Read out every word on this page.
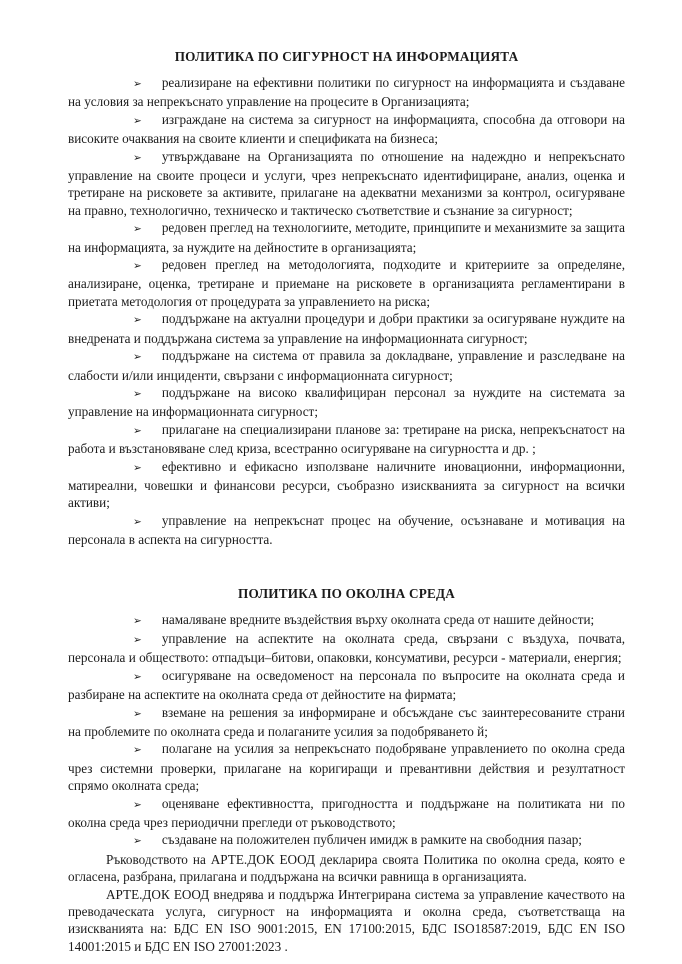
ПОЛИТИКА ПО СИГУРНОСТ НА ИНФОРМАЦИЯТА

➢ реализиране на ефективни политики по сигурност на информацията и създаване на условия за непрекъснато управление на процесите в Организацията;

➢ изграждане на система за сигурност на информацията, способна да отговори на високите очаквания на своите клиенти и спецификата на бизнеса;

➢ утвърждаване на Организацията по отношение на надеждно и непрекъснато управление на своите процеси и услуги, чрез непрекъснато идентифициране, анализ, оценка и третиране на рисковете за активите, прилагане на адекватни механизми за контрол, осигуряване на правно, технологично, техническо и тактическо съответствие и съзнание за сигурност;

➢ редовен преглед на технологиите, методите, принципите и механизмите за защита на информацията, за нуждите на дейностите в организацията;

➢ редовен преглед на методологията, подходите и критериите за определяне, анализиране, оценка, третиране и приемане на рисковете в организацията регламентирани в приетата методология от процедурата за управлението на риска;

➢ поддържане на актуални процедури и добри практики за осигуряване нуждите на внедрената и поддържана система за управление на информационната сигурност;

➢ поддържане на система от правила за докладване, управление и разследване на слабости и/или инциденти, свързани с информационната сигурност;

➢ поддържане на високо квалифициран персонал за нуждите на системата за управление на информационната сигурност;

➢ прилагане на специализирани планове за: третиране на риска, непрекъснатост на работа и възстановяване след криза, всестранно осигуряване на сигурността и др. ;

➢ ефективно и ефикасно използване наличните иновационни, информационни, матиреални, човешки и финансови ресурси, съобразно изискванията за сигурност на всички активи;

➢ управление на непрекъснат процес на обучение, осъзнаване и мотивация на персонала в аспекта на сигурността.

ПОЛИТИКА ПО ОКОЛНА СРЕДА

➢ намаляване вредните въздействия върху околната среда от нашите дейности;

➢ управление на аспектите на околната среда, свързани с въздуха, почвата, персонала и обществото: отпадъци–битови, опаковки, консумативи, ресурси - материали, енергия;

➢ осигуряване на осведоменост на персонала по въпросите на околната среда и разбиране на аспектите на околната среда от дейностите на фирмата;

➢ вземане на решения за информиране и обсъждане със заинтересованите страни на проблемите по околната среда и полаганите усилия за подобряването й;

➢ полагане на усилия за непрекъснато подобряване управлението по околна среда чрез системни проверки, прилагане на коригиращи и превантивни действия и резултатност спрямо околната среда;

➢ оценяване ефективността, пригодността и поддържане на политиката ни по околна среда чрез периодични прегледи от ръководството;

➢ създаване на положителен публичен имидж в рамките на свободния пазар;

Ръководството на АРТЕ.ДОК ЕООД декларира своята Политика по околна среда, която е огласена, разбрана, прилагана и поддържана на всички равнища в организацията.

АРТЕ.ДОК ЕООД внедрява и поддържа Интегрирана система за управление качеството на преводаческата услуга, сигурност на информацията и околна среда, съответстваща на изискванията на: БДС EN ISO 9001:2015, EN 17100:2015, БДС ISO18587:2019, БДС EN ISO 14001:2015 и БДС EN ISO 27001:2023 .
